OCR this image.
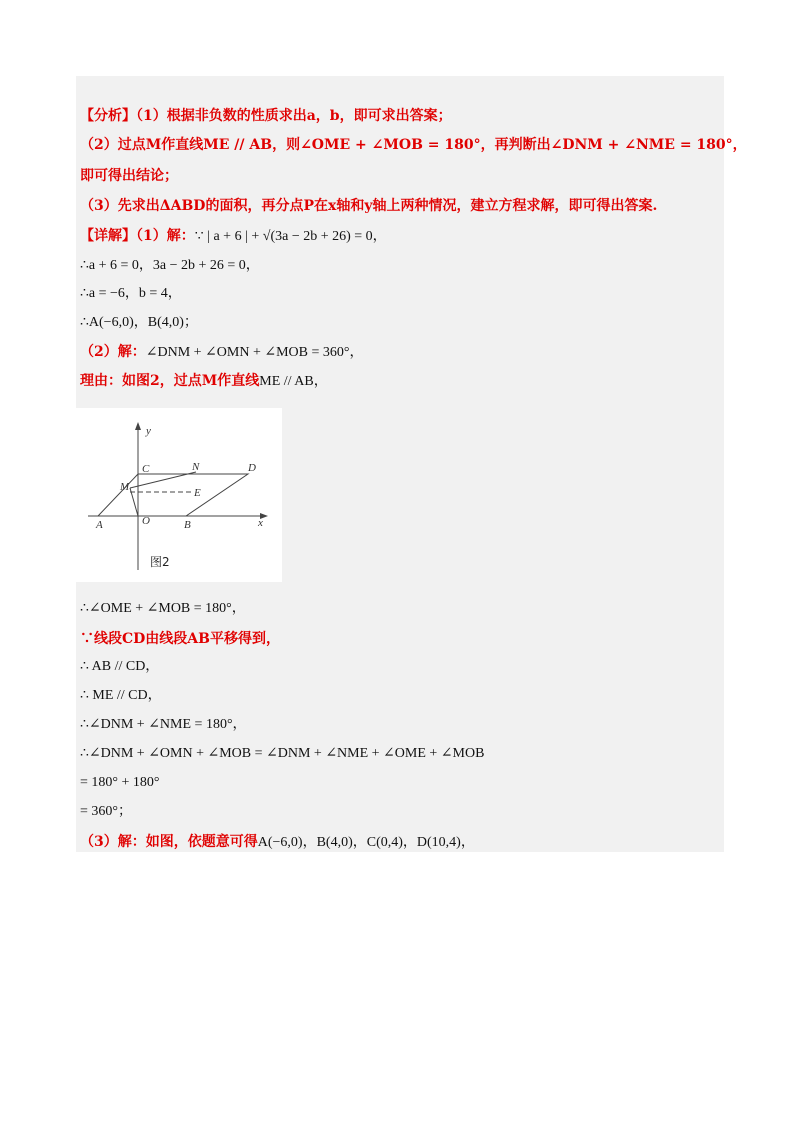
【分析】（1）根据非负数的性质求出a，b，即可求出答案；
（2）过点M作直线ME // AB，则∠OME + ∠MOB = 180°，再判断出∠DNM + ∠NME = 180°，
即可得出结论；
（3）先求出ΔABD的面积，再分点P在x轴和y轴上两种情况，建立方程求解，即可得出答案.
【详解】（1）解：∵ | a + 6 | + √(3a − 2b + 26) = 0，
∴a + 6 = 0，3a − 2b + 26 = 0，
∴a = −6，b = 4，
∴A(−6,0)，B(4,0)；
（2）解：∠DNM + ∠OMN + ∠MOB = 360°，
理由：如图2，过点M作直线ME // AB，
y
x
C	N	D
M	E
A	O	B
图2
∴∠OME + ∠MOB = 180°，
∵线段CD由线段AB平移得到，
∴ AB // CD，
∴ ME // CD，
∴∠DNM + ∠NME = 180°，
∴∠DNM + ∠OMN + ∠MOB = ∠DNM + ∠NME + ∠OME + ∠MOB
= 180° + 180°
= 360°；
（3）解：如图，依题意可得A(−6,0)，B(4,0)，C(0,4)，D(10,4)，
